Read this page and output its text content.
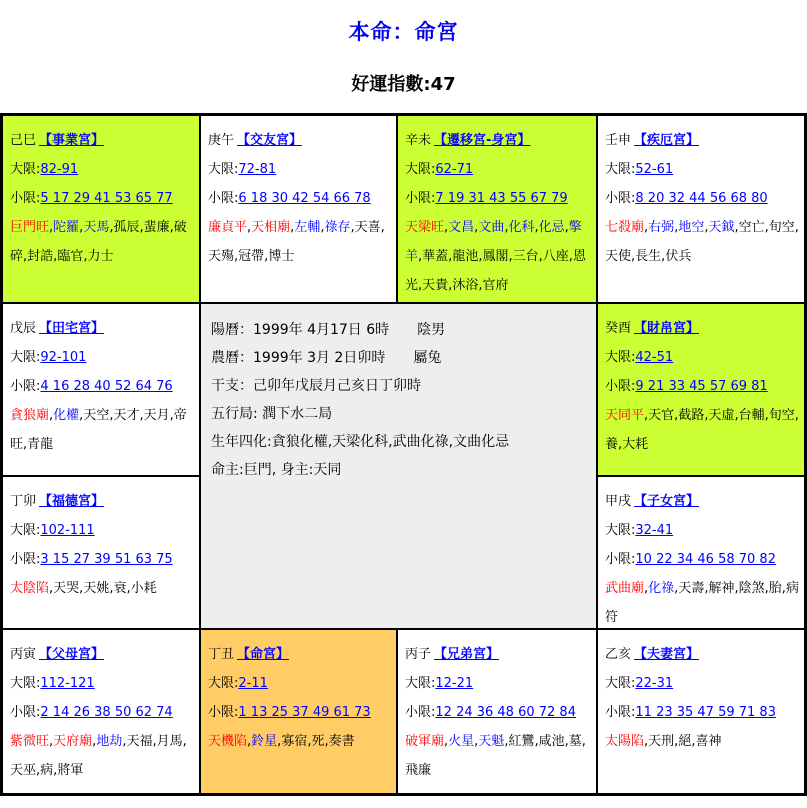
本命：命宮
好運指數:47
陽曆：1999年 4月17日 6時　　陰男
農曆：1999年 3月 2日卯時　　屬兔
干支：己卯年戊辰月己亥日丁卯時
五行局: 潤下水二局
生年四化:貪狼化權,天梁化科,武曲化祿,文曲化忌
命主:巨門, 身主:天同
己巳 【事業宮】
大限:82-91
小限:5 17 29 41 53 65 77
巨門旺,陀羅,天馬,孤辰,蜚廉,破碎,封誥,臨官,力士
庚午 【交友宮】
大限:72-81
小限:6 18 30 42 54 66 78
廉貞平,天相廟,左輔,祿存,天喜,天殤,冠帶,博士
辛未 【遷移宮-身宮】
大限:62-71
小限:7 19 31 43 55 67 79
天梁旺,文昌,文曲,化科,化忌,擎羊,華蓋,龍池,鳳閣,三台,八座,恩光,天貴,沐浴,官府
壬申 【疾厄宮】
大限:52-61
小限:8 20 32 44 56 68 80
七殺廟,右弼,地空,天鉞,空亡,旬空,天使,長生,伏兵
戊辰 【田宅宮】
大限:92-101
小限:4 16 28 40 52 64 76
貪狼廟,化權,天空,天才,天月,帝旺,青龍
癸酉 【財帛宮】
大限:42-51
小限:9 21 33 45 57 69 81
天同平,天官,截路,天虛,台輔,旬空,養,大耗
丁卯 【福德宮】
大限:102-111
小限:3 15 27 39 51 63 75
太陰陷,天哭,天姚,衰,小耗
甲戌 【子女宮】
大限:32-41
小限:10 22 34 46 58 70 82
武曲廟,化祿,天壽,解神,陰煞,胎,病符
丙寅 【父母宮】
大限:112-121
小限:2 14 26 38 50 62 74
紫微旺,天府廟,地劫,天福,月馬,天巫,病,將軍
丁丑 【命宮】
大限:2-11
小限:1 13 25 37 49 61 73
天機陷,鈴星,寡宿,死,奏書
丙子 【兄弟宮】
大限:12-21
小限:12 24 36 48 60 72 84
破軍廟,火星,天魁,紅鸞,咸池,墓,飛廉
乙亥 【夫妻宮】
大限:22-31
小限:11 23 35 47 59 71 83
太陽陷,天刑,絕,喜神
